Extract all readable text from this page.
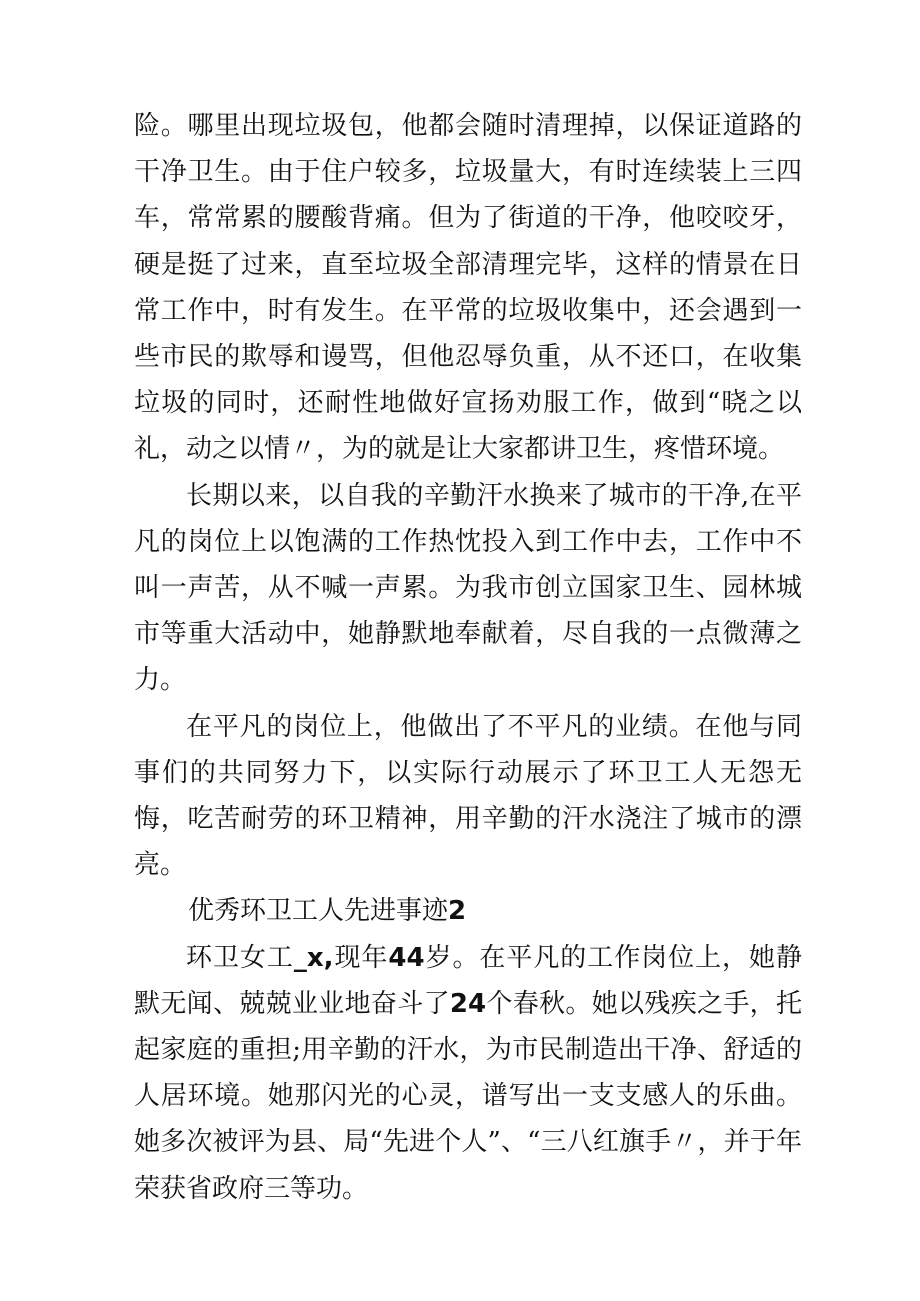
险。哪里出现垃圾包，他都会随时清理掉，以保证道路的干净卫生。由于住户较多，垃圾量大，有时连续装上三四车，常常累的腰酸背痛。但为了街道的干净，他咬咬牙，硬是挺了过来，直至垃圾全部清理完毕，这样的情景在日常工作中，时有发生。在平常的垃圾收集中，还会遇到一些市民的欺辱和谩骂，但他忍辱负重，从不还口，在收集垃圾的同时，还耐性地做好宣扬劝服工作，做到“晓之以礼，动之以情〃，为的就是让大家都讲卫生，疼惜环境。

长期以来，以自我的辛勤汗水换来了城市的干净,在平凡的岗位上以饱满的工作热忱投入到工作中去，工作中不叫一声苦，从不喊一声累。为我市创立国家卫生、园林城市等重大活动中，她静默地奉献着，尽自我的一点微薄之力。

在平凡的岗位上，他做出了不平凡的业绩。在他与同事们的共同努力下，以实际行动展示了环卫工人无怨无悔，吃苦耐劳的环卫精神，用辛勤的汗水浇注了城市的漂亮。

优秀环卫工人先进事迹2

环卫女工_x,现年44岁。在平凡的工作岗位上，她静默无闻、兢兢业业地奋斗了24个春秋。她以残疾之手，托起家庭的重担;用辛勤的汗水，为市民制造出干净、舒适的人居环境。她那闪光的心灵，谱写出一支支感人的乐曲。她多次被评为县、局“先进个人”、“三八红旗手〃，并于年荣获省政府三等功。
